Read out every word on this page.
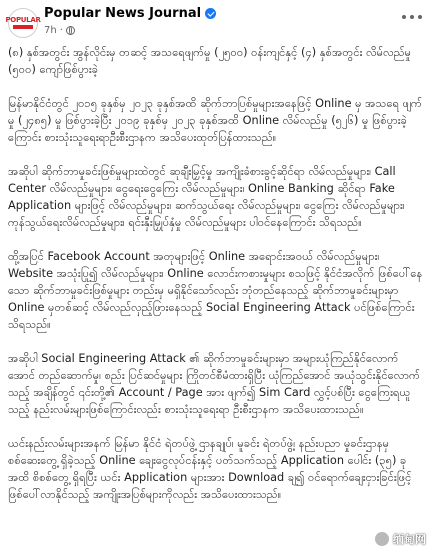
POPULAR Popular News Journal
7h ·

(၈) နှစ်အတွင်း အွန်လိုင်းမှ တဆင့် အသရေဖျက်မှု (၂၅၀၀) ဝန်းကျင်နှင့် (၄) နှစ်အတွင်း လိမ်လည်မှု (၅၀၀) ကျော်ဖြစ်ပွားခဲ့

မြန်မာနိုင်ငံတွင် ၂၀၁၅ ခုနှစ်မှ ၂၀၂၃ ခုနှစ်အထိ ဆိုက်ဘာပြစ်မှုများအနေဖြင့် Online မှ အသရေ ဖျက်မှု (၂၄၈၅) မှု ဖြစ်ပွားခဲ့ပြီး ၂၀၁၉ ခုနှစ်မှ ၂၀၂၃ ခုနှစ်အထိ Online လိမ်လည်မှု (၅၂၆) မှု ဖြစ်ပွားခဲ့ကြောင်း စားသုံးသူရေးရာဦးစီးဌာနက အသိပေးထုတ်ပြန်ထားသည်။

အဆိုပါ ဆိုက်ဘာမှုခင်းဖြစ်မှုများထဲတွင် ဆုချီးမြှင့်မှု အကျိုးခံစားခွင့်ဆိုင်ရာ လိမ်လည်မှုများ၊ Call Center လိမ်လည်မှုများ၊ ငွေရေးငွေကြေး လိမ်လည်မှုများ၊ Online Banking ဆိုင်ရာ Fake Application များဖြင့် လိမ်လည်မှုများ၊ ဆက်သွယ်ရေး လိမ်လည်မှုများ၊ ငွေကြေး လိမ်လည်မှုများ၊ ကုန်သွယ်ရေးလိမ်လည်မှုများ၊ ရင်းနှီးမြှုပ်နှံမှု လိမ်လည်မှုများ ပါဝင်နေကြောင်း သိရသည်။

ထို့အပြင် Facebook Account အတုများဖြင့် Online အရောင်းအဝယ် လိမ်လည်မှုများ၊ Website အသုံးပြု၍ လိမ်လည်မှုများ၊ Online လောင်းကစားမှုများ စသဖြင့် နိုင်ငံအလိုက် ဖြစ်ပေါ်နေသော ဆိုက်ဘာမှုခင်းဖြစ်မှုများ တည်းမှ မရှိနိုင်သော်လည်း ဘုံတည်နေသည့် ဆိုက်ဘာမှုခင်းများမှာ Online မှတစ်ဆင့် လိမ်လည်လှည့်ဖြားနေသည့် Social Engineering Attack ပင်ဖြစ်ကြောင်း သိရသည်။

အဆိုပါ Social Engineering Attack ၏ ဆိုက်ဘာမှုခင်းများမှာ အများယုံကြည်နိုင်လောက်အောင် တည်ဆောက်မှု၊ စည်း ပြင်ဆင်မှုများ ကြိုတင်စီမံထားရှိပြီး ယုံကြည်အောင် အယုံသွင်းနိုင်လောက်သည့် အချိန်တွင် ၎င်းတို့၏ Account / Page အား ဖျက်၍ Sim Card လွှင့်ပစ်ပြီး ငွေကြေးရယူသည့် နည်းလမ်းများဖြစ်ကြောင်းလည်း စားသုံးသူရေးရာ ဦးစီးဌာနက အသိပေးထားသည်။

ယင်းနည်းလမ်းများအနက် မြန်မာ နိုင်ငံ ရဲတပ်ဖွဲ့ ဌာနချုပ်၊ မူခင်း ရဲတပ်ဖွဲ့၊ နည်းပညာ မှုခင်းဌာနမှ စစ်ဆေးတွေ့ ရှိခဲ့သည့် Online ချေးငွေလုပ်ငန်းနှင့် ပတ်သက်သည့် Application ပေါင်း (၃၅) ခုအထိ စိစစ်တွေ့ ရှိရပြီး ယင်း Application များအား Download ချ၍ ဝင်ရောက်ချေးငှားခြင်းဖြင့် ဖြစ်ပေါ်လာနိုင်သည့် အကျိုးအပြစ်များကိုလည်း အသိပေးထားသည်။

缅甸网
